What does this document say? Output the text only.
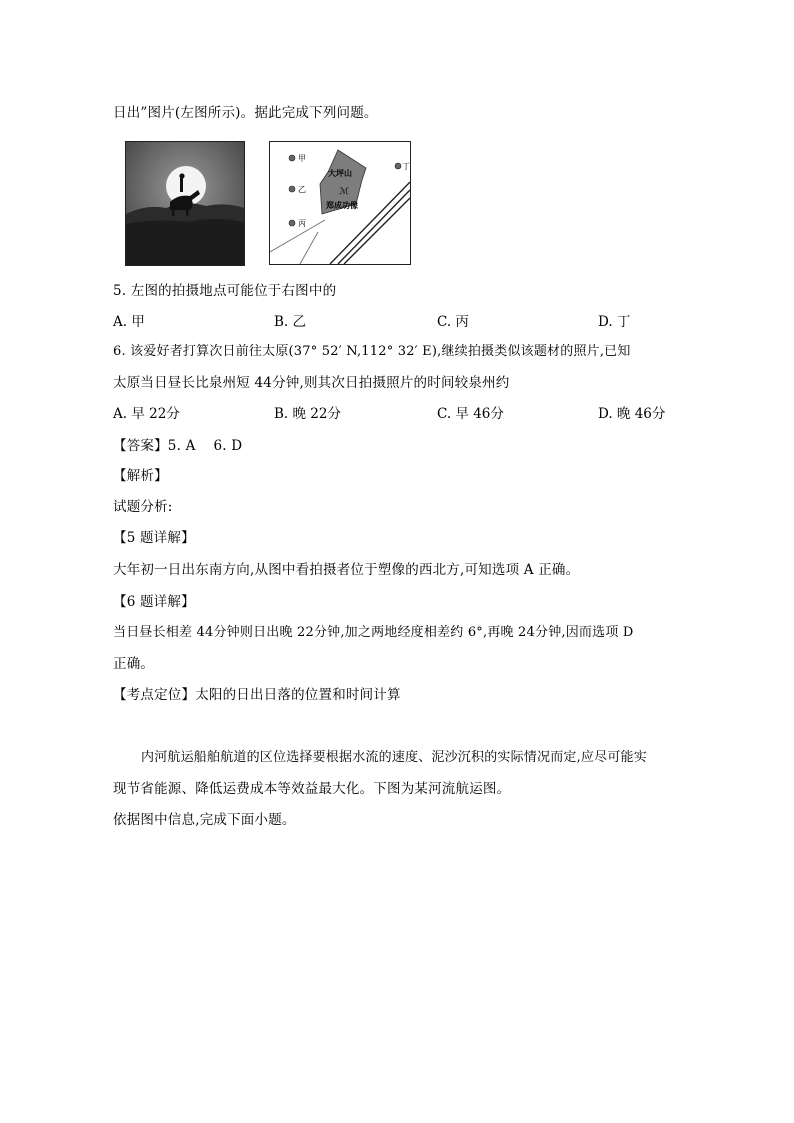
日出”图片(左图所示)。据此完成下列问题。
ℳ
甲
乙
丙
丁
大坪山
郑成功像
5. 左图的拍摄地点可能位于右图中的
A. 甲	B. 乙	C. 丙	D. 丁
6. 该爱好者打算次日前往太原(37° 52′ N,112° 32′ E),继续拍摄类似该题材的照片,已知
太原当日昼长比泉州短 44分钟,则其次日拍摄照片的时间较泉州约
A. 早 22分	B. 晚 22分	C. 早 46分	D. 晚 46分
【答案】5. A    6. D
【解析】
试题分析:
【5 题详解】
大年初一日出东南方向,从图中看拍摄者位于塑像的西北方,可知选项 A 正确。
【6 题详解】
当日昼长相差 44分钟则日出晚 22分钟,加之两地经度相差约 6°,再晚 24分钟,因而选项 D
正确。
【考点定位】太阳的日出日落的位置和时间计算
内河航运船舶航道的区位选择要根据水流的速度、泥沙沉积的实际情况而定,应尽可能实
现节省能源、降低运费成本等效益最大化。下图为某河流航运图。
依据图中信息,完成下面小题。
